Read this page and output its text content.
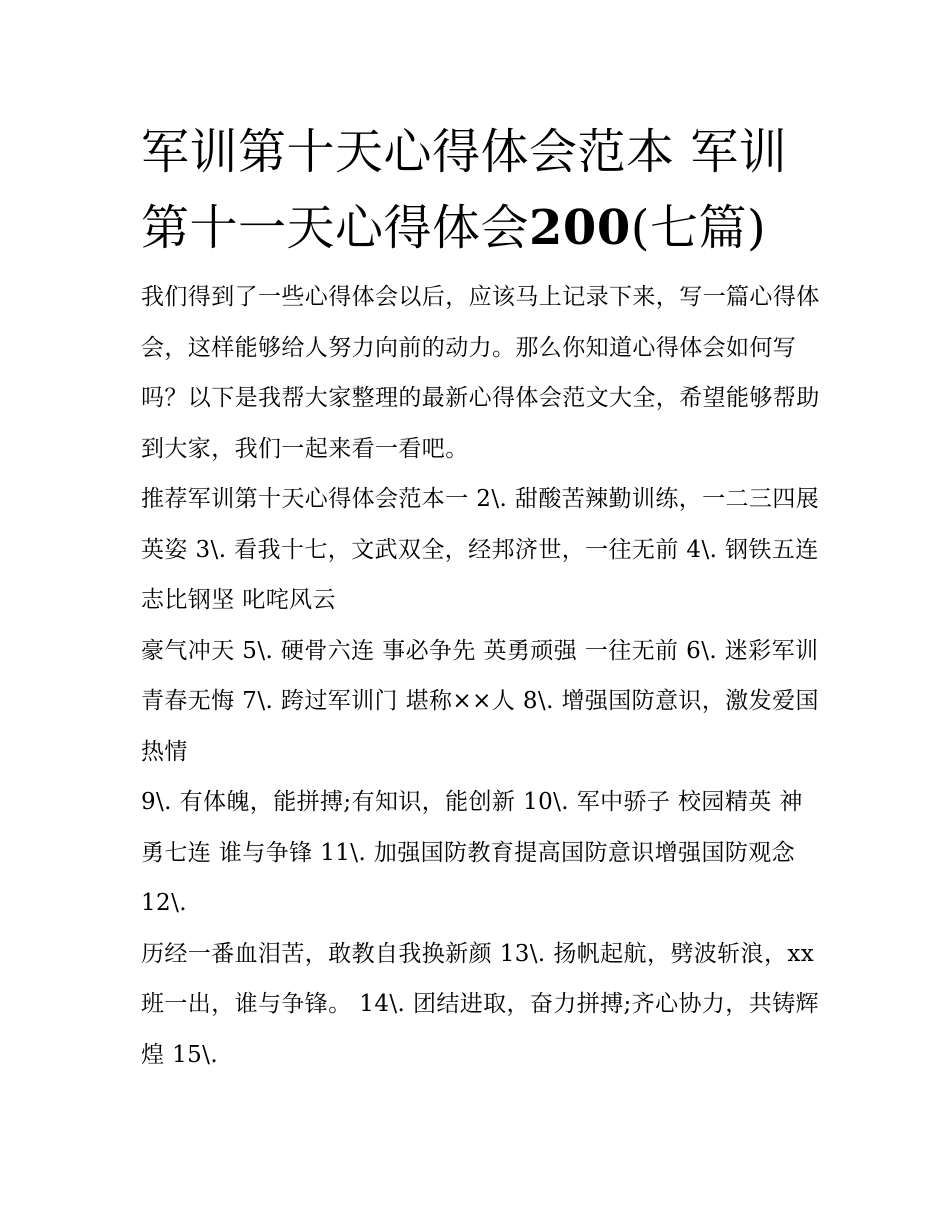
军训第十天心得体会范本 军训第十一天心得体会200(七篇)

我们得到了一些心得体会以后，应该马上记录下来，写一篇心得体会，这样能够给人努力向前的动力。那么你知道心得体会如何写吗？以下是我帮大家整理的最新心得体会范文大全，希望能够帮助到大家，我们一起来看一看吧。

推荐军训第十天心得体会范本一 2\. 甜酸苦辣勤训练，一二三四展英姿 3\. 看我十七，文武双全，经邦济世，一往无前 4\. 钢铁五连 志比钢坚 叱咤风云

豪气冲天 5\. 硬骨六连 事必争先 英勇顽强 一往无前 6\. 迷彩军训 青春无悔 7\. 跨过军训门 堪称××人 8\. 增强国防意识，激发爱国热情

9\. 有体魄，能拼搏;有知识，能创新 10\. 军中骄子 校园精英 神勇七连 谁与争锋 11\. 加强国防教育提高国防意识增强国防观念 12\.

历经一番血泪苦，敢教自我换新颜 13\. 扬帆起航，劈波斩浪，xx 班一出，谁与争锋。 14\. 团结进取，奋力拼搏;齐心协力，共铸辉煌 15\.
